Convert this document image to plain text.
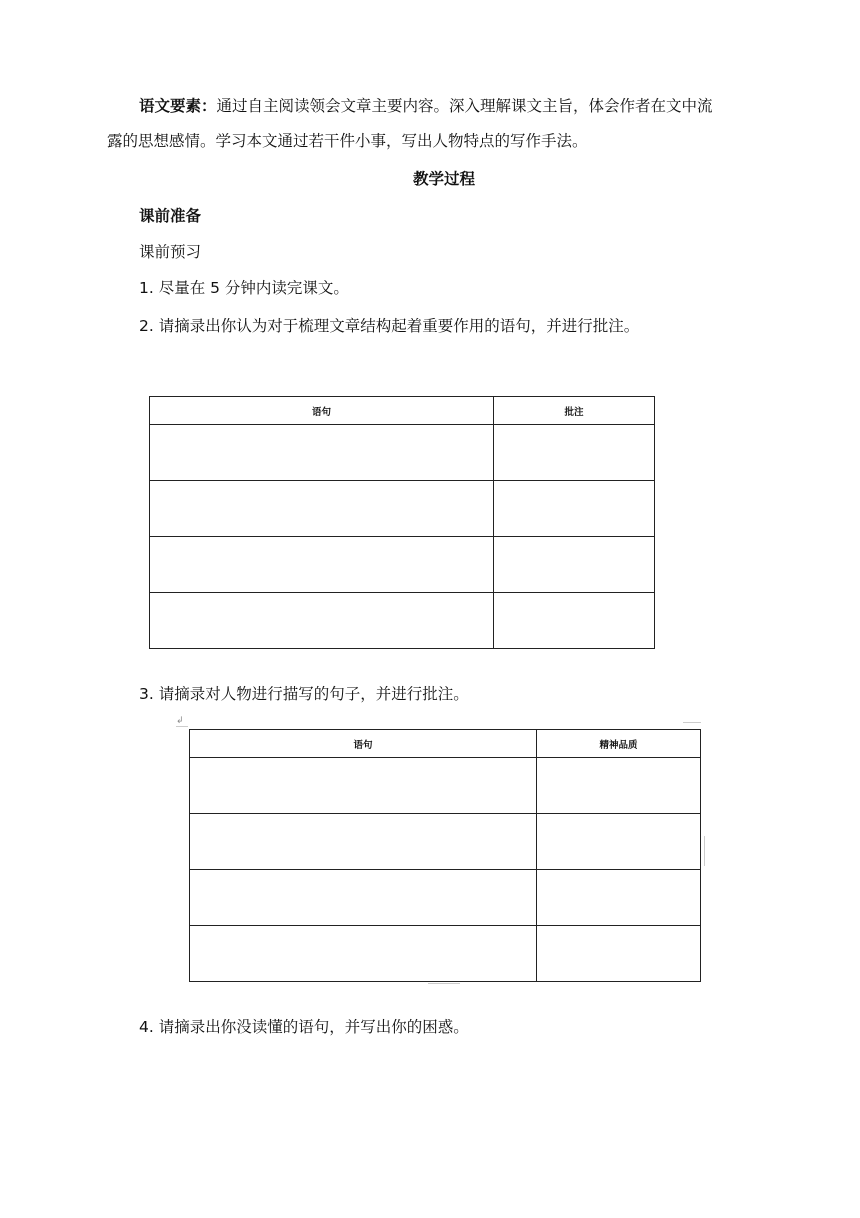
语文要素：通过自主阅读领会文章主要内容。深入理解课文主旨，体会作者在文中流
露的思想感情。学习本文通过若干件小事，写出人物特点的写作手法。
教学过程
课前准备
课前预习
1. 尽量在 5 分钟内读完课文。
2. 请摘录出你认为对于梳理文章结构起着重要作用的语句，并进行批注。
语句	批注

3. 请摘录对人物进行描写的句子，并进行批注。
↲
语句	精神品质

4. 请摘录出你没读懂的语句，并写出你的困惑。
